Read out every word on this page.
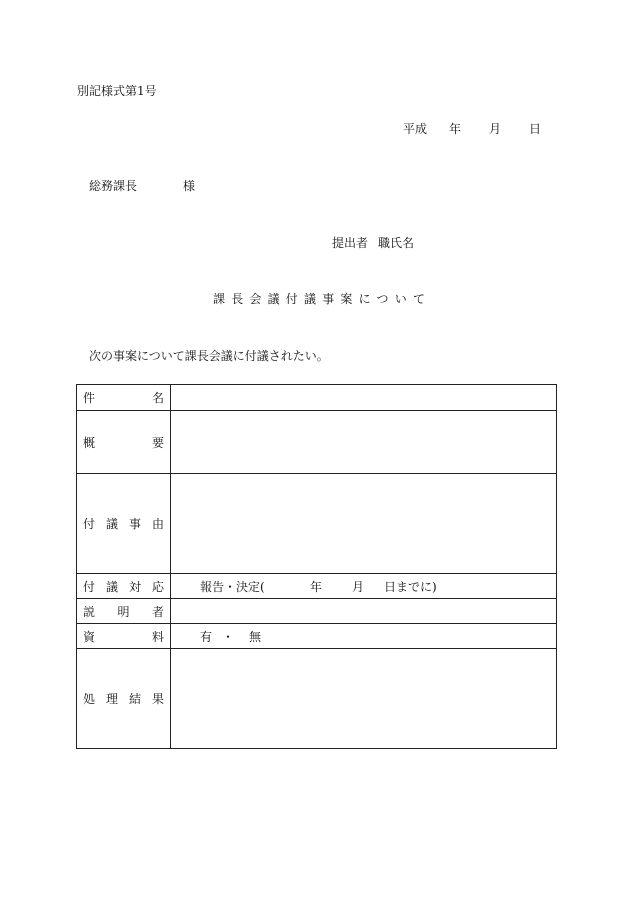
別記様式第1号
平成 年 月 日
総務課長	様
提出者 職氏名
課長会議付議事案について
次の事案について課長会議に付議されたい。
件 名	

概 要	

付 議 事 由	

付 議 対 応	報告・決定( 年 月 日までに)

説 明 者	

資 料	有 ・ 無

処 理 結 果	
